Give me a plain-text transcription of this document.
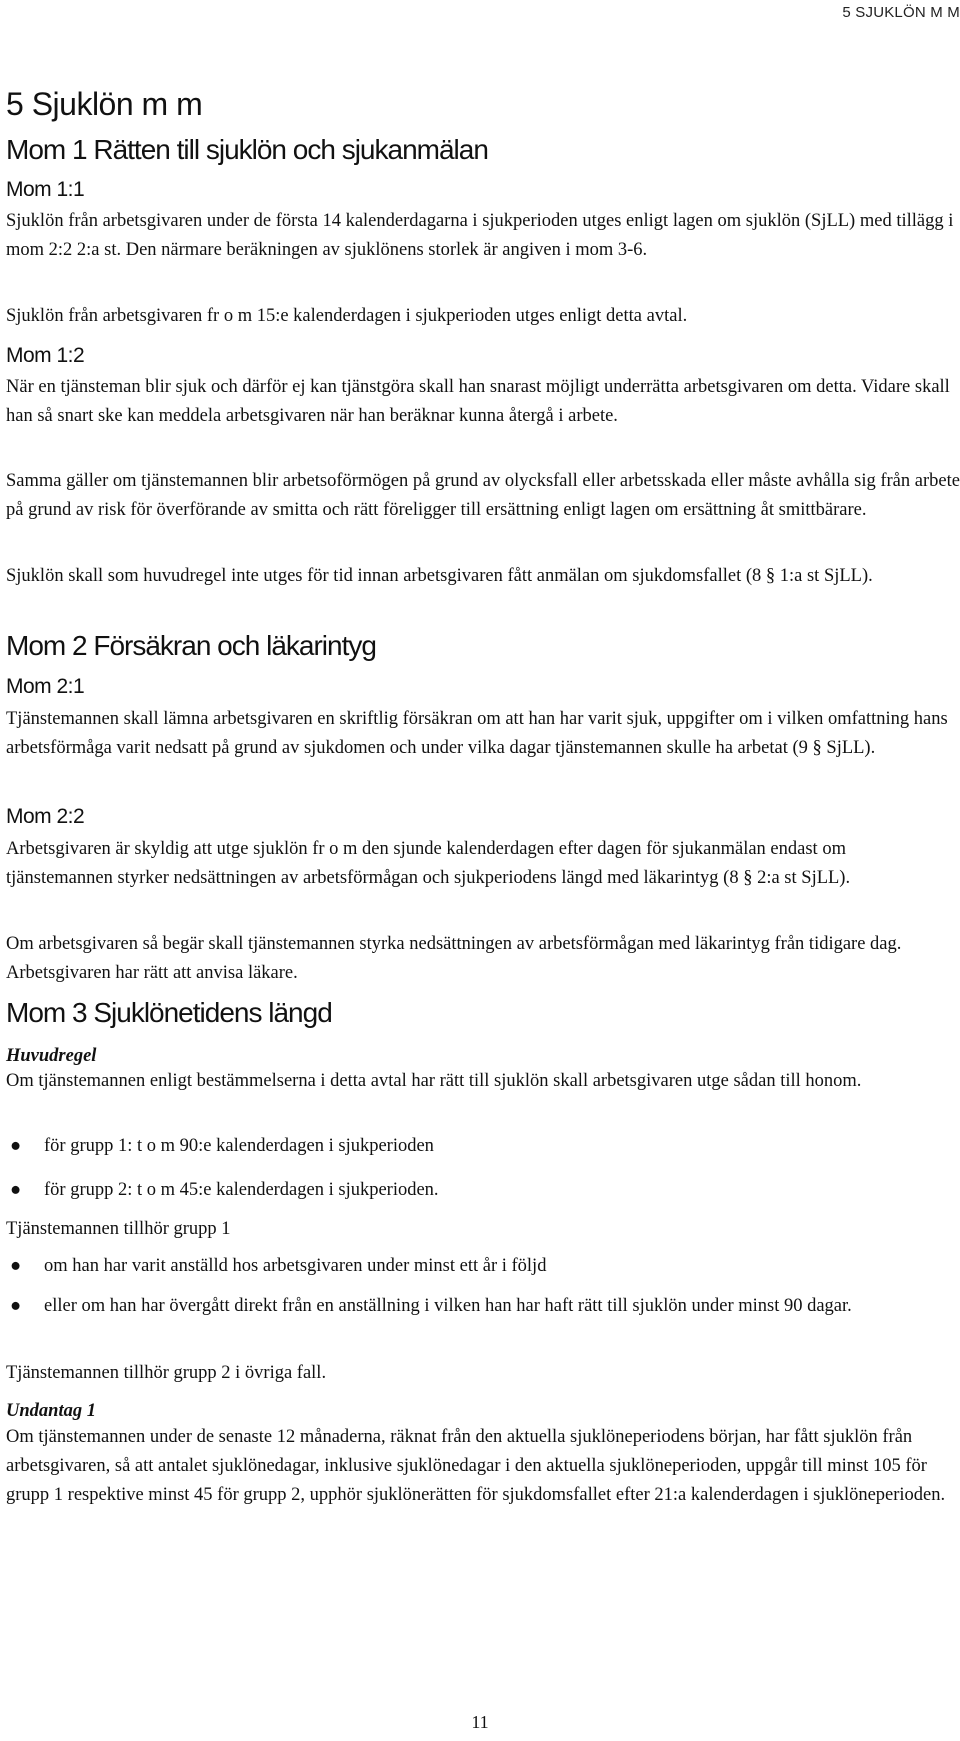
5 SJUKLÖN M M
5 Sjuklön m m
Mom 1 Rätten till sjuklön och sjukanmälan
Mom 1:1

Sjuklön från arbetsgivaren under de första 14 kalenderdagarna i sjukperioden utges enligt lagen om sjuklön (SjLL) med tillägg i mom 2:2 2:a st. Den närmare beräkningen av sjuklönens storlek är angiven i mom 3-6.

Sjuklön från arbetsgivaren fr o m 15:e kalenderdagen i sjukperioden utges enligt detta avtal.

Mom 1:2

När en tjänsteman blir sjuk och därför ej kan tjänstgöra skall han snarast möjligt underrätta arbetsgivaren om detta. Vidare skall han så snart ske kan meddela arbetsgivaren när han beräknar kunna återgå i arbete.

Samma gäller om tjänstemannen blir arbetsoförmögen på grund av olycksfall eller arbetsskada eller måste avhålla sig från arbete på grund av risk för överförande av smitta och rätt föreligger till ersättning enligt lagen om ersättning åt smittbärare.

Sjuklön skall som huvudregel inte utges för tid innan arbetsgivaren fått anmälan om sjukdomsfallet (8 § 1:a st SjLL).

Mom 2 Försäkran och läkarintyg
Mom 2:1

Tjänstemannen skall lämna arbetsgivaren en skriftlig försäkran om att han har varit sjuk, uppgifter om i vilken omfattning hans arbetsförmåga varit nedsatt på grund av sjukdomen och under vilka dagar tjänstemannen skulle ha arbetat (9 § SjLL).

Mom 2:2

Arbetsgivaren är skyldig att utge sjuklön fr o m den sjunde kalenderdagen efter dagen för sjukanmälan endast om tjänstemannen styrker nedsättningen av arbetsförmågan och sjukperiodens längd med läkarintyg (8 § 2:a st SjLL).

Om arbetsgivaren så begär skall tjänstemannen styrka nedsättningen av arbetsförmågan med läkarintyg från tidigare dag. Arbetsgivaren har rätt att anvisa läkare.

Mom 3 Sjuklönetidens längd
Huvudregel

Om tjänstemannen enligt bestämmelserna i detta avtal har rätt till sjuklön skall arbetsgivaren utge sådan till honom.

● för grupp 1: t o m 90:e kalenderdagen i sjukperioden
● för grupp 2: t o m 45:e kalenderdagen i sjukperioden.

Tjänstemannen tillhör grupp 1

● om han har varit anställd hos arbetsgivaren under minst ett år i följd
● eller om han har övergått direkt från en anställning i vilken han har haft rätt till sjuklön under minst 90 dagar.

Tjänstemannen tillhör grupp 2 i övriga fall.

Undantag 1

Om tjänstemannen under de senaste 12 månaderna, räknat från den aktuella sjuklöneperiodens början, har fått sjuklön från arbetsgivaren, så att antalet sjuklönedagar, inklusive sjuklönedagar i den aktuella sjuklöneperioden, uppgår till minst 105 för grupp 1 respektive minst 45 för grupp 2, upphör sjuklönerätten för sjukdomsfallet efter 21:a kalenderdagen i sjuklöneperioden.

11
